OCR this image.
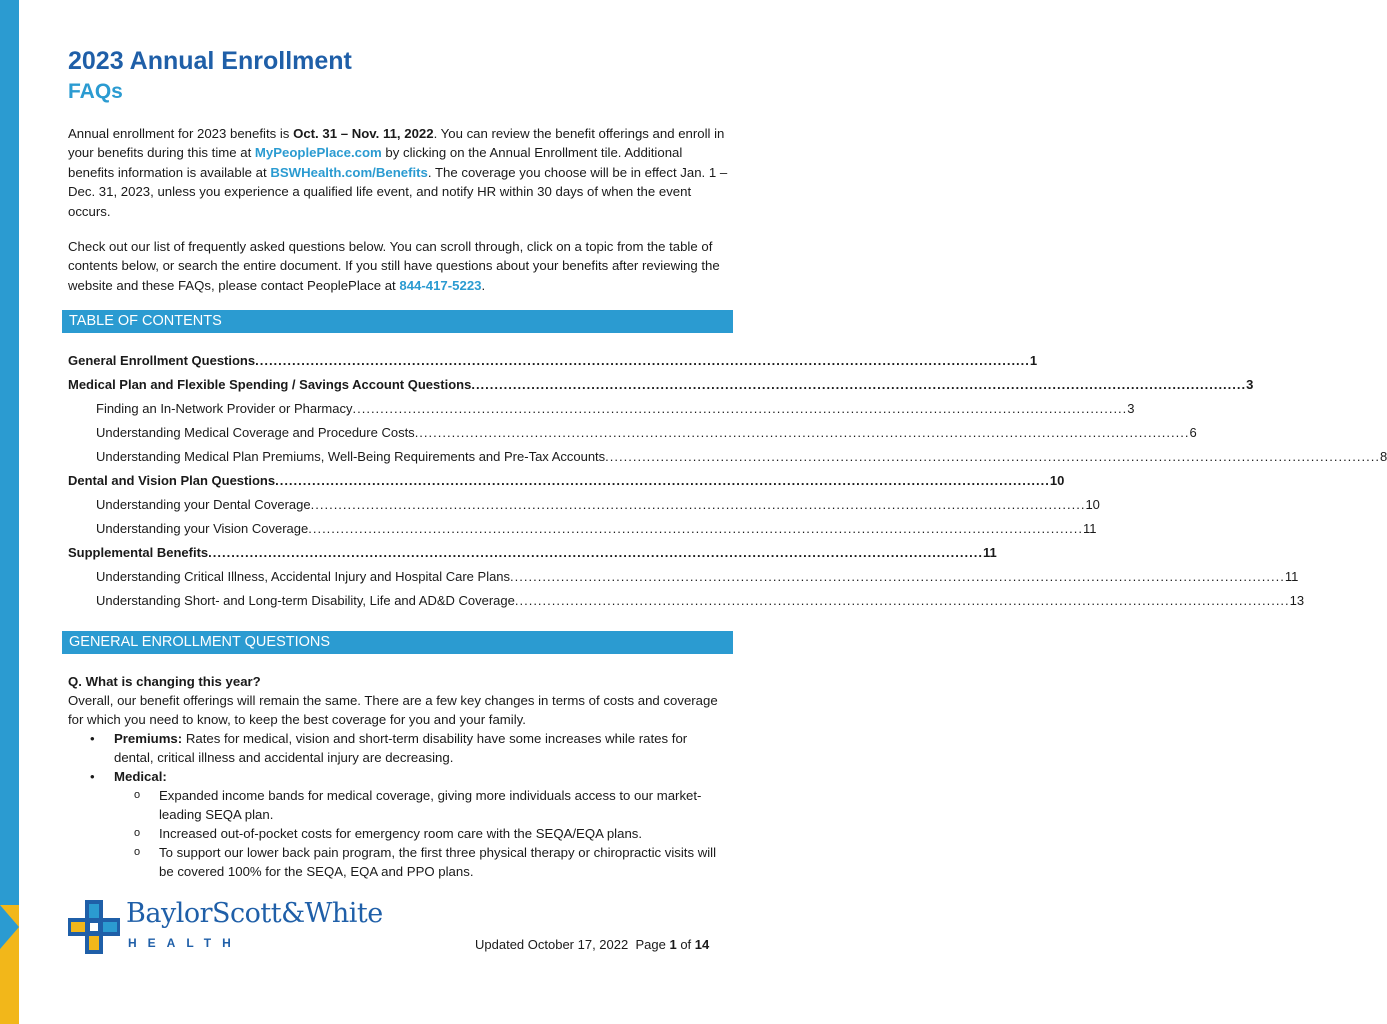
2023 Annual Enrollment
FAQs

Annual enrollment for 2023 benefits is Oct. 31 – Nov. 11, 2022. You can review the benefit offerings and enroll in your benefits during this time at MyPeoplePlace.com by clicking on the Annual Enrollment tile. Additional benefits information is available at BSWHealth.com/Benefits. The coverage you choose will be in effect Jan. 1 – Dec. 31, 2023, unless you experience a qualified life event, and notify HR within 30 days of when the event occurs.

Check out our list of frequently asked questions below. You can scroll through, click on a topic from the table of contents below, or search the entire document. If you still have questions about your benefits after reviewing the website and these FAQs, please contact PeoplePlace at 844-417-5223.

TABLE OF CONTENTS
General Enrollment Questions ........................................................................................................................................................................ 1
Medical Plan and Flexible Spending / Savings Account Questions ........................................................................................................................................................................ 3
Finding an In-Network Provider or Pharmacy ........................................................................................................................................................................ 3
Understanding Medical Coverage and Procedure Costs ........................................................................................................................................................................ 6
Understanding Medical Plan Premiums, Well-Being Requirements and Pre-Tax Accounts ........................................................................................................................................................................ 8
Dental and Vision Plan Questions ........................................................................................................................................................................ 10
Understanding your Dental Coverage ........................................................................................................................................................................ 10
Understanding your Vision Coverage ........................................................................................................................................................................ 11
Supplemental Benefits ........................................................................................................................................................................ 11
Understanding Critical Illness, Accidental Injury and Hospital Care Plans ........................................................................................................................................................................ 11
Understanding Short- and Long-term Disability, Life and AD&D Coverage ........................................................................................................................................................................ 13
GENERAL ENROLLMENT QUESTIONS
Q. What is changing this year?
Overall, our benefit offerings will remain the same. There are a few key changes in terms of costs and coverage for which you need to know, to keep the best coverage for you and your family.
• Premiums: Rates for medical, vision and short-term disability have some increases while rates for dental, critical illness and accidental injury are decreasing.
• Medical:
o Expanded income bands for medical coverage, giving more individuals access to our market-leading SEQA plan.
o Increased out-of-pocket costs for emergency room care with the SEQA/EQA plans.
o To support our lower back pain program, the first three physical therapy or chiropractic visits will be covered 100% for the SEQA, EQA and PPO plans.
BaylorScott&White
HEALTH	Updated October 17, 2022 Page 1 of 14
